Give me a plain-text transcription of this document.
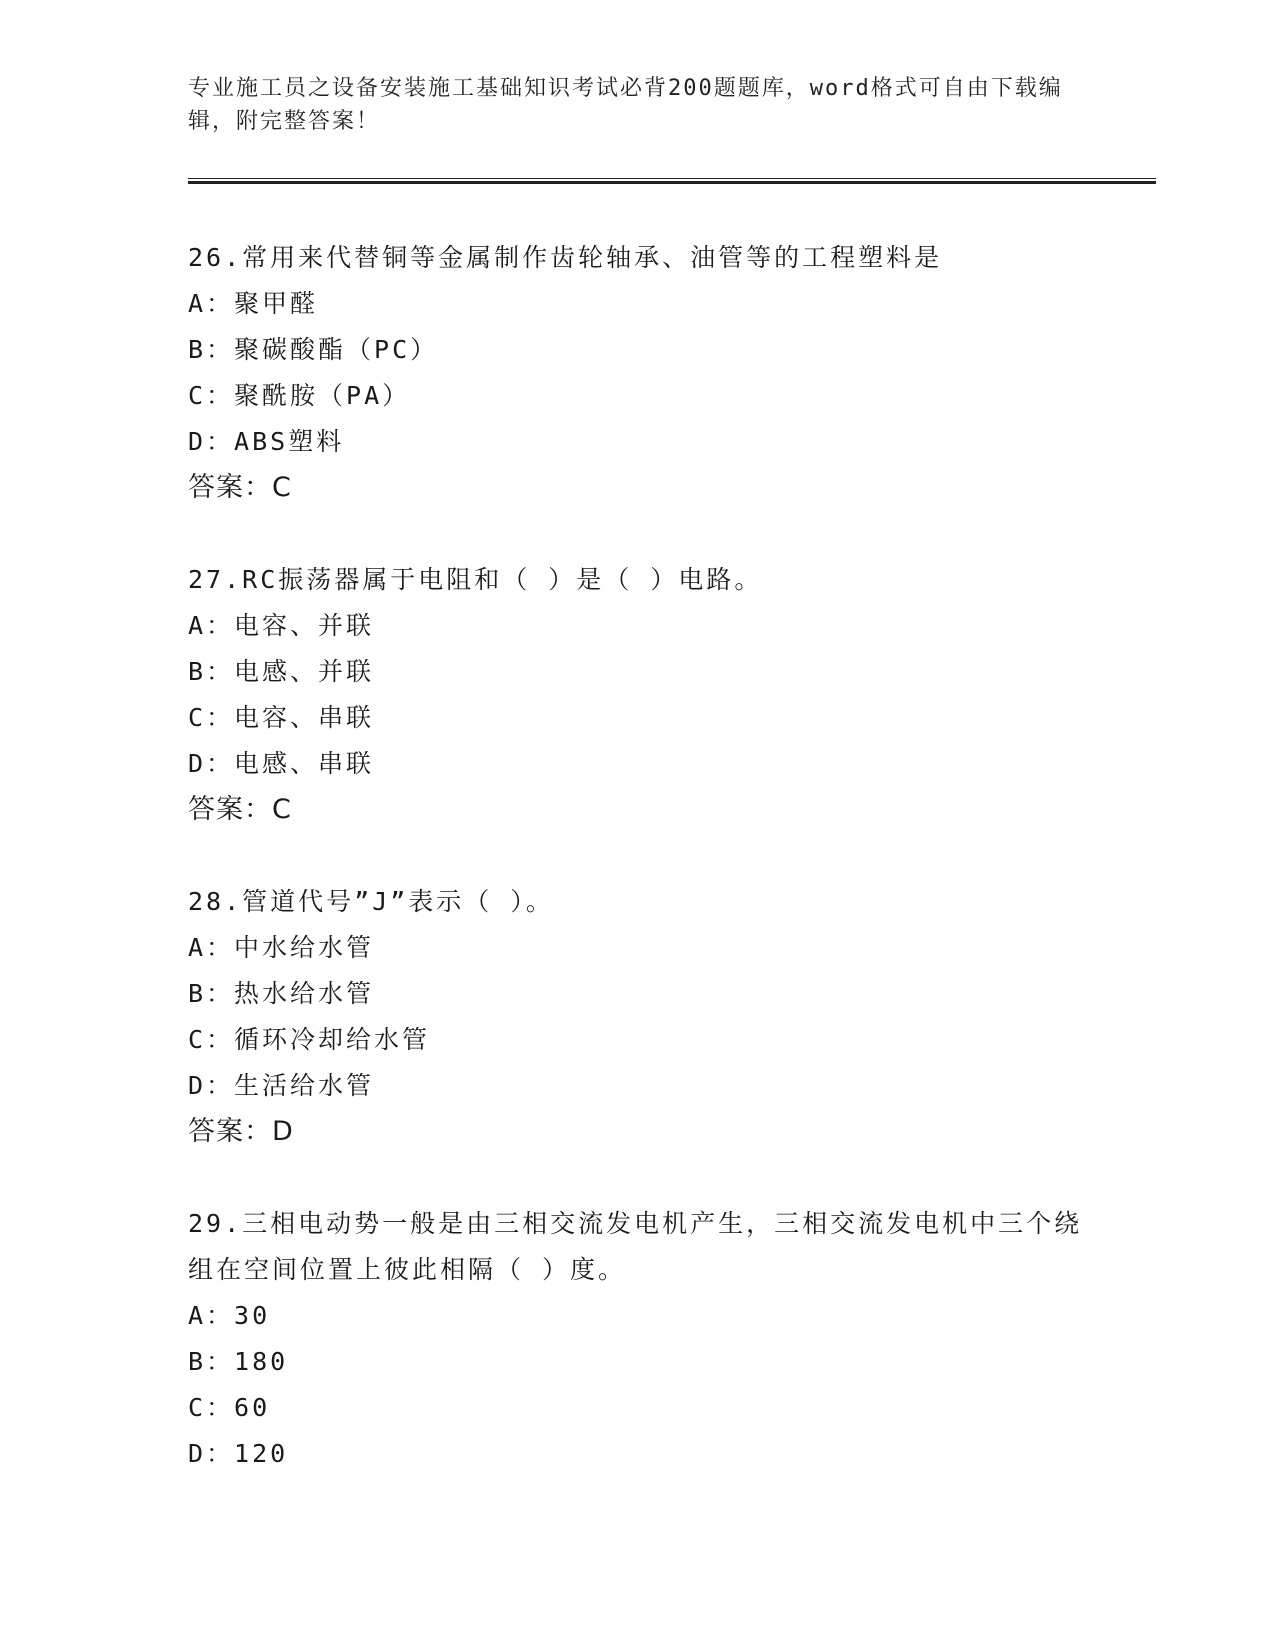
专业施工员之设备安装施工基础知识考试必背200题题库，word格式可自由下载编辑，附完整答案！
26.常用来代替铜等金属制作齿轮轴承、油管等的工程塑料是
A：聚甲醛
B：聚碳酸酯（PC）
C：聚酰胺（PA）
D：ABS塑料
答案：C
27.RC振荡器属于电阻和（ ）是（ ）电路。
A：电容、并联
B：电感、并联
C：电容、串联
D：电感、串联
答案：C
28.管道代号”J”表示（ ）。
A：中水给水管
B：热水给水管
C：循环冷却给水管
D：生活给水管
答案：D
29.三相电动势一般是由三相交流发电机产生，三相交流发电机中三个绕组在空间位置上彼此相隔（ ）度。
A：30
B：180
C：60
D：120
